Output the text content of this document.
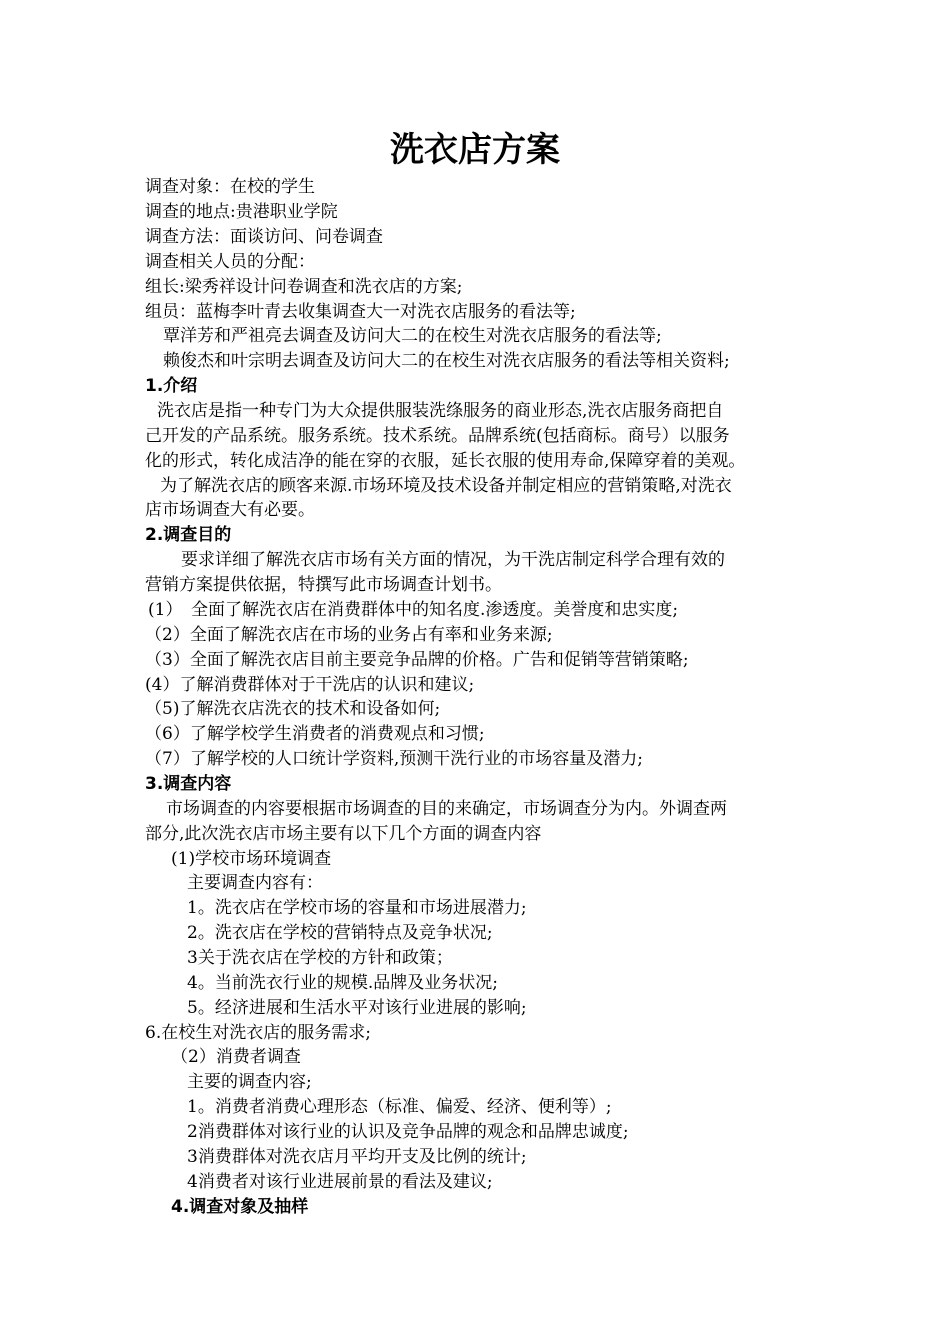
洗衣店方案
调查对象：在校的学生
调查的地点:贵港职业学院
调查方法：面谈访问、问卷调查
调查相关人员的分配：
组长:梁秀祥设计问卷调查和洗衣店的方案;
组员：蓝梅李叶青去收集调查大一对洗衣店服务的看法等;
覃洋芳和严祖亮去调查及访问大二的在校生对洗衣店服务的看法等;
赖俊杰和叶宗明去调查及访问大二的在校生对洗衣店服务的看法等相关资料;
1.介绍
洗衣店是指一种专门为大众提供服装洗绦服务的商业形态,洗衣店服务商把自
己开发的产品系统。服务系统。技术系统。品牌系统(包括商标。商号）以服务
化的形式，转化成洁净的能在穿的衣服，延长衣服的使用寿命,保障穿着的美观。
为了解洗衣店的顾客来源.市场环境及技术设备并制定相应的营销策略,对洗衣
店市场调查大有必要。
2.调查目的
要求详细了解洗衣店市场有关方面的情况，为干洗店制定科学合理有效的
营销方案提供依据，特撰写此市场调查计划书。
(1）　全面了解洗衣店在消费群体中的知名度.渗透度。美誉度和忠实度;
（2）全面了解洗衣店在市场的业务占有率和业务来源;
（3）全面了解洗衣店目前主要竞争品牌的价格。广告和促销等营销策略;
(4）了解消费群体对于干洗店的认识和建议;
（5)了解洗衣店洗衣的技术和设备如何;
（6）了解学校学生消费者的消费观点和习惯;
（7）了解学校的人口统计学资料,预测干洗行业的市场容量及潜力;
3.调查内容
市场调查的内容要根据市场调查的目的来确定，市场调查分为内。外调查两
部分,此次洗衣店市场主要有以下几个方面的调查内容
(1)学校市场环境调查
主要调查内容有：
1。洗衣店在学校市场的容量和市场进展潜力;
2。洗衣店在学校的营销特点及竞争状况;
3关于洗衣店在学校的方针和政策；
4。当前洗衣行业的规模.品牌及业务状况;
5。经济进展和生活水平对该行业进展的影响;
6.在校生对洗衣店的服务需求;
（2）消费者调查
主要的调查内容;
1。消费者消费心理形态（标准、偏爱、经济、便利等）;
2消费群体对该行业的认识及竞争品牌的观念和品牌忠诚度;
3消费群体对洗衣店月平均开支及比例的统计;
4消费者对该行业进展前景的看法及建议;
4.调查对象及抽样
